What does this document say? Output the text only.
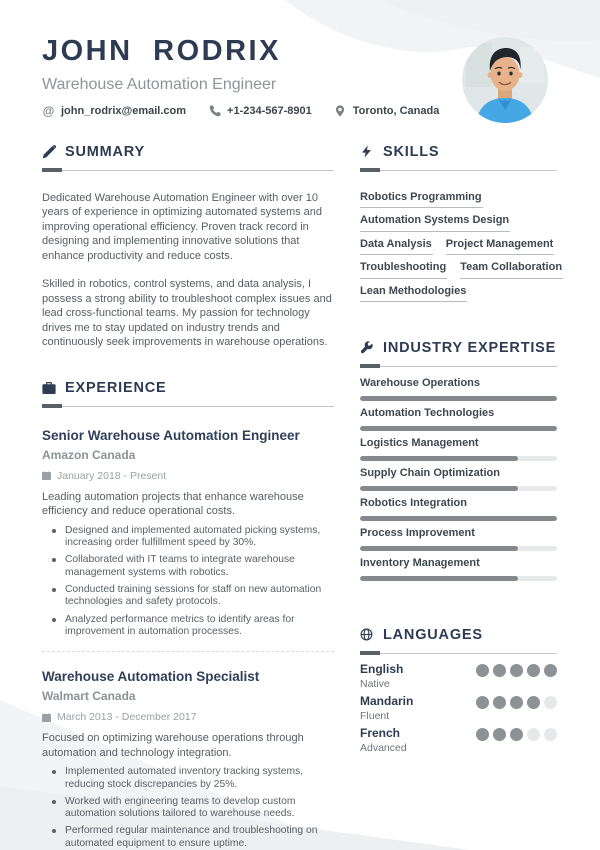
JOHN RODRIX
Warehouse Automation Engineer
@ john_rodrix@email.com	+1-234-567-8901	Toronto, Canada
SUMMARY

Dedicated Warehouse Automation Engineer with over 10 years of experience in optimizing automated systems and improving operational efficiency. Proven track record in designing and implementing innovative solutions that enhance productivity and reduce costs.

Skilled in robotics, control systems, and data analysis, I possess a strong ability to troubleshoot complex issues and lead cross-functional teams. My passion for technology drives me to stay updated on industry trends and continuously seek improvements in warehouse operations.

EXPERIENCE
Senior Warehouse Automation Engineer
Amazon Canada
January 2018 - Present
Leading automation projects that enhance warehouse efficiency and reduce operational costs.
Designed and implemented automated picking systems, increasing order fulfillment speed by 30%.
Collaborated with IT teams to integrate warehouse management systems with robotics.
Conducted training sessions for staff on new automation technologies and safety protocols.
Analyzed performance metrics to identify areas for improvement in automation processes.
Warehouse Automation Specialist
Walmart Canada
March 2013 - December 2017
Focused on optimizing warehouse operations through automation and technology integration.
Implemented automated inventory tracking systems, reducing stock discrepancies by 25%.
Worked with engineering teams to develop custom automation solutions tailored to warehouse needs.
Performed regular maintenance and troubleshooting on automated equipment to ensure uptime.
SKILLS
Robotics Programming
Automation Systems Design
Data Analysis Project Management
Troubleshooting Team Collaboration
Lean Methodologies
INDUSTRY EXPERTISE
Warehouse Operations
Automation Technologies
Logistics Management
Supply Chain Optimization
Robotics Integration
Process Improvement
Inventory Management
LANGUAGES
English
Native
Mandarin
Fluent
French
Advanced
